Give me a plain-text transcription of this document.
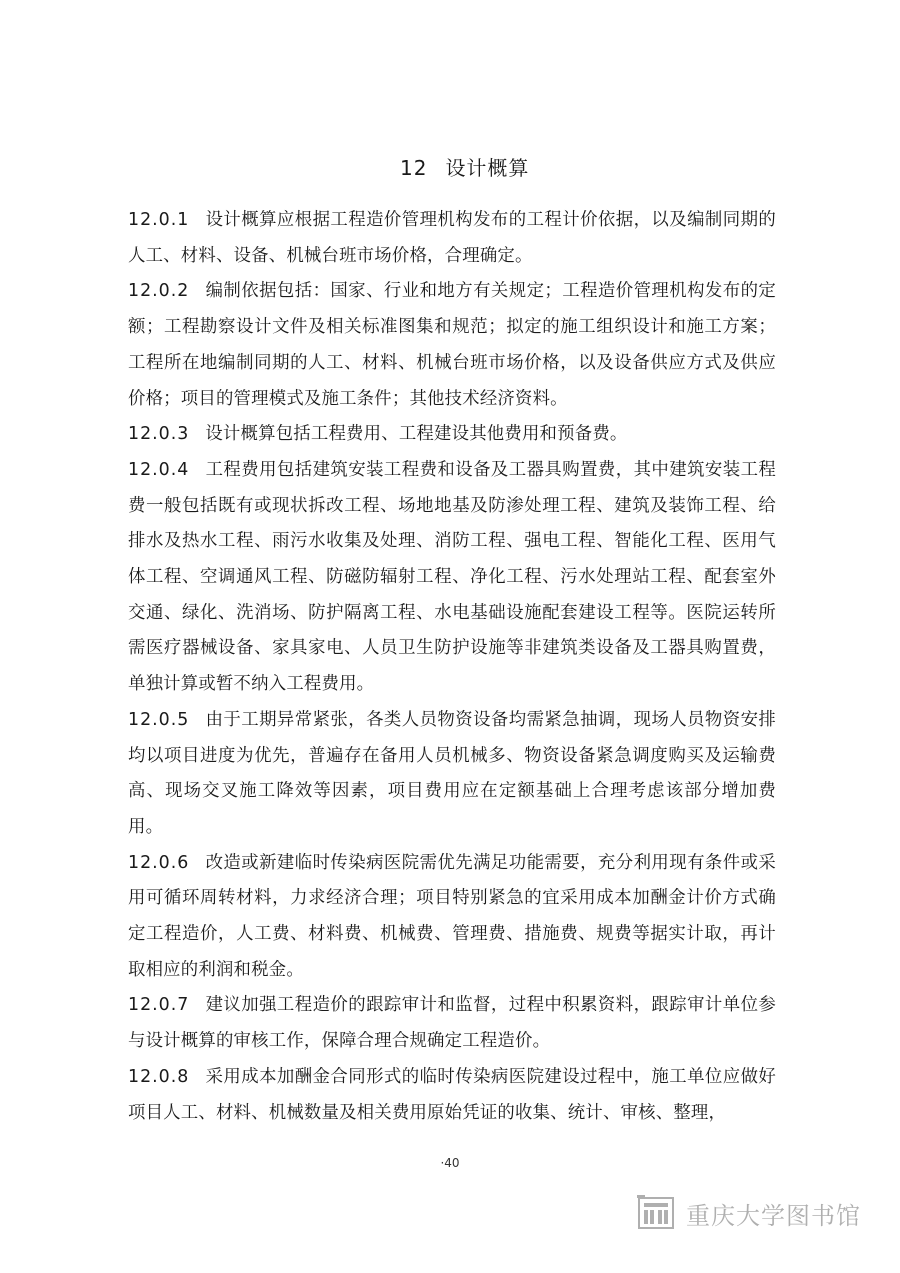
12 设计概算

12.0.1 设计概算应根据工程造价管理机构发布的工程计价依据，以及编制同期的人工、材料、设备、机械台班市场价格，合理确定。

12.0.2 编制依据包括：国家、行业和地方有关规定；工程造价管理机构发布的定额；工程勘察设计文件及相关标准图集和规范；拟定的施工组织设计和施工方案；工程所在地编制同期的人工、材料、机械台班市场价格，以及设备供应方式及供应价格；项目的管理模式及施工条件；其他技术经济资料。

12.0.3 设计概算包括工程费用、工程建设其他费用和预备费。

12.0.4 工程费用包括建筑安装工程费和设备及工器具购置费，其中建筑安装工程费一般包括既有或现状拆改工程、场地地基及防渗处理工程、建筑及装饰工程、给排水及热水工程、雨污水收集及处理、消防工程、强电工程、智能化工程、医用气体工程、空调通风工程、防磁防辐射工程、净化工程、污水处理站工程、配套室外交通、绿化、洗消场、防护隔离工程、水电基础设施配套建设工程等。医院运转所需医疗器械设备、家具家电、人员卫生防护设施等非建筑类设备及工器具购置费，单独计算或暂不纳入工程费用。

12.0.5 由于工期异常紧张，各类人员物资设备均需紧急抽调，现场人员物资安排均以项目进度为优先，普遍存在备用人员机械多、物资设备紧急调度购买及运输费高、现场交叉施工降效等因素，项目费用应在定额基础上合理考虑该部分增加费用。

12.0.6 改造或新建临时传染病医院需优先满足功能需要，充分利用现有条件或采用可循环周转材料，力求经济合理；项目特别紧急的宜采用成本加酬金计价方式确定工程造价，人工费、材料费、机械费、管理费、措施费、规费等据实计取，再计取相应的利润和税金。

12.0.7 建议加强工程造价的跟踪审计和监督，过程中积累资料，跟踪审计单位参与设计概算的审核工作，保障合理合规确定工程造价。

12.0.8 采用成本加酬金合同形式的临时传染病医院建设过程中，施工单位应做好项目人工、材料、机械数量及相关费用原始凭证的收集、统计、审核、整理，

·40
重庆大学图书馆
